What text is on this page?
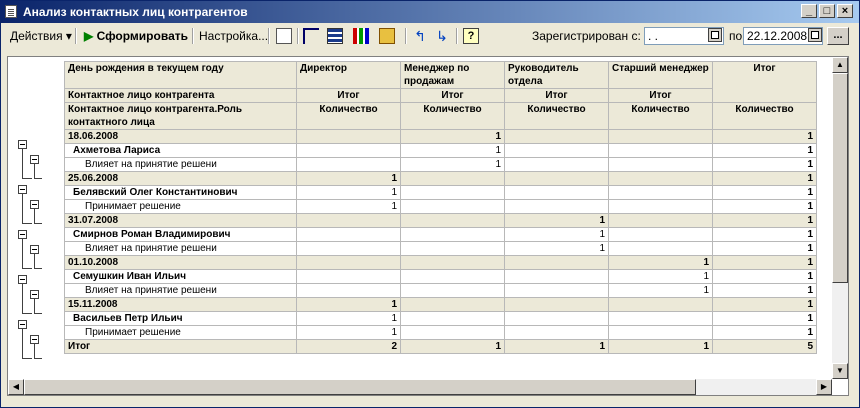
Анализ контактных лиц контрагентов	_	□	×
Действия ▾ ▶ Сформировать Настройка...	↰ ↳	?	Зарегистрирован с: . .	по 22.12.2008	...
День рождения в текущем году	Директор	Менеджер по продажам	Руководитель отдела	Старший менеджер	Итог
Контактное лицо контрагента	Итог	Итог	Итог	Итог	
Контактное лицо контрагента.Роль контактного лица	Количество	Количество	Количество	Количество	Количество
18.06.2008		1			1
Ахметова Лариса		1			1
Влияет на принятие решени		1			1
25.06.2008	1				1
Белявский Олег Константинович	1				1
Принимает решение	1				1
31.07.2008			1		1
Смирнов Роман Владимирович			1		1
Влияет на принятие решени			1		1
01.10.2008				1	1
Семушкин Иван Ильич				1	1
Влияет на принятие решени				1	1
15.11.2008	1				1
Васильев Петр Ильич	1				1
Принимает решение	1				1
Итог	2	1	1	1	5
▲
▼
◀	▶
